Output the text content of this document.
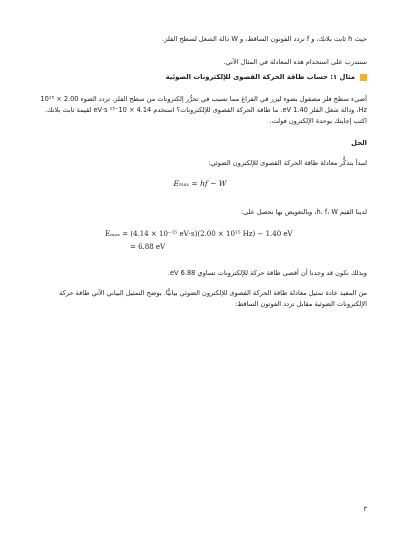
حيث h ثابت بلانك، و f تردد الفوتون الساقط، و W دالة الشغل لسطح الفلز.

سنتدرب على استخدام هذه المعادلة في المثال الآتي.

مثال ١: حساب طاقة الحركة القصوى للإلكترونات الضوئية

أضيء سطح فلز مصقول بضوء ليزر في الفراغ مما تسبب في تحرُّر إلكترونات من سطح الفلز. تردد الضوء 2.00 × 10¹⁵ Hz، ودالة شغل الفلز 1.40 eV. ما طاقة الحركة القصوى للإلكترونات؟ استخدم 4.14 × 10⁻¹⁵ eV⋅s لقيمة ثابت بلانك. اكتب إجابتك بوحدة الإلكترون فولت.

الحل

لنبدأ بتذكُّر معادلة طاقة الحركة القصوى للإلكترون الضوئي:

Eₘₐₓ = hf − W

لدينا القيم h، f، W، وبالتعويض بها نحصل على:

Eₘₐₓ = (4.14 × 10⁻¹⁵ eV⋅s)(2.00 × 10¹⁵ Hz) − 1.40 eV
= 6.88 eV

وبذلك نكون قد وجدنا أن أقصى طاقة حركة للإلكترونات تساوي 6.88 eV.

من المفيد عادة تمثيل معادلة طاقة الحركة القصوى للإلكترون الضوئي بيانيًّا. يوضح التمثيل البياني الآتي طاقة حركة الإلكترونات الضوئية مقابل تردد الفوتون الساقط:

٣
